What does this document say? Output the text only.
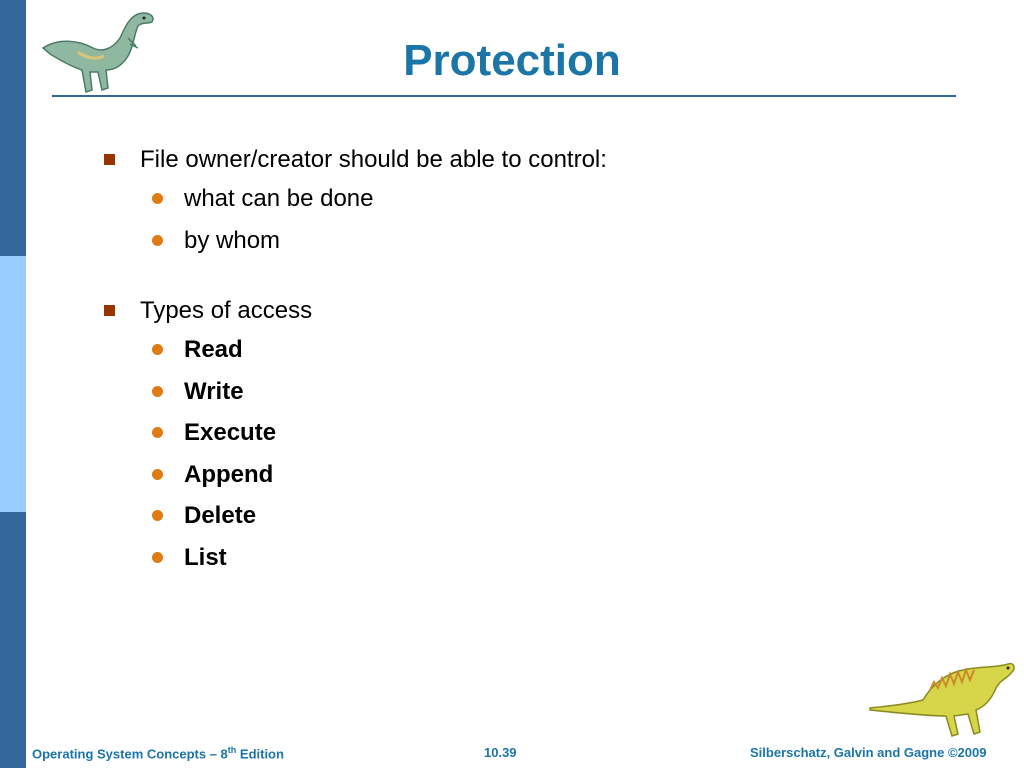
Protection
File owner/creator should be able to control:
what can be done
by whom
Types of access
Read
Write
Execute
Append
Delete
List
Operating System Concepts – 8th Edition	10.39	Silberschatz, Galvin and Gagne ©2009
